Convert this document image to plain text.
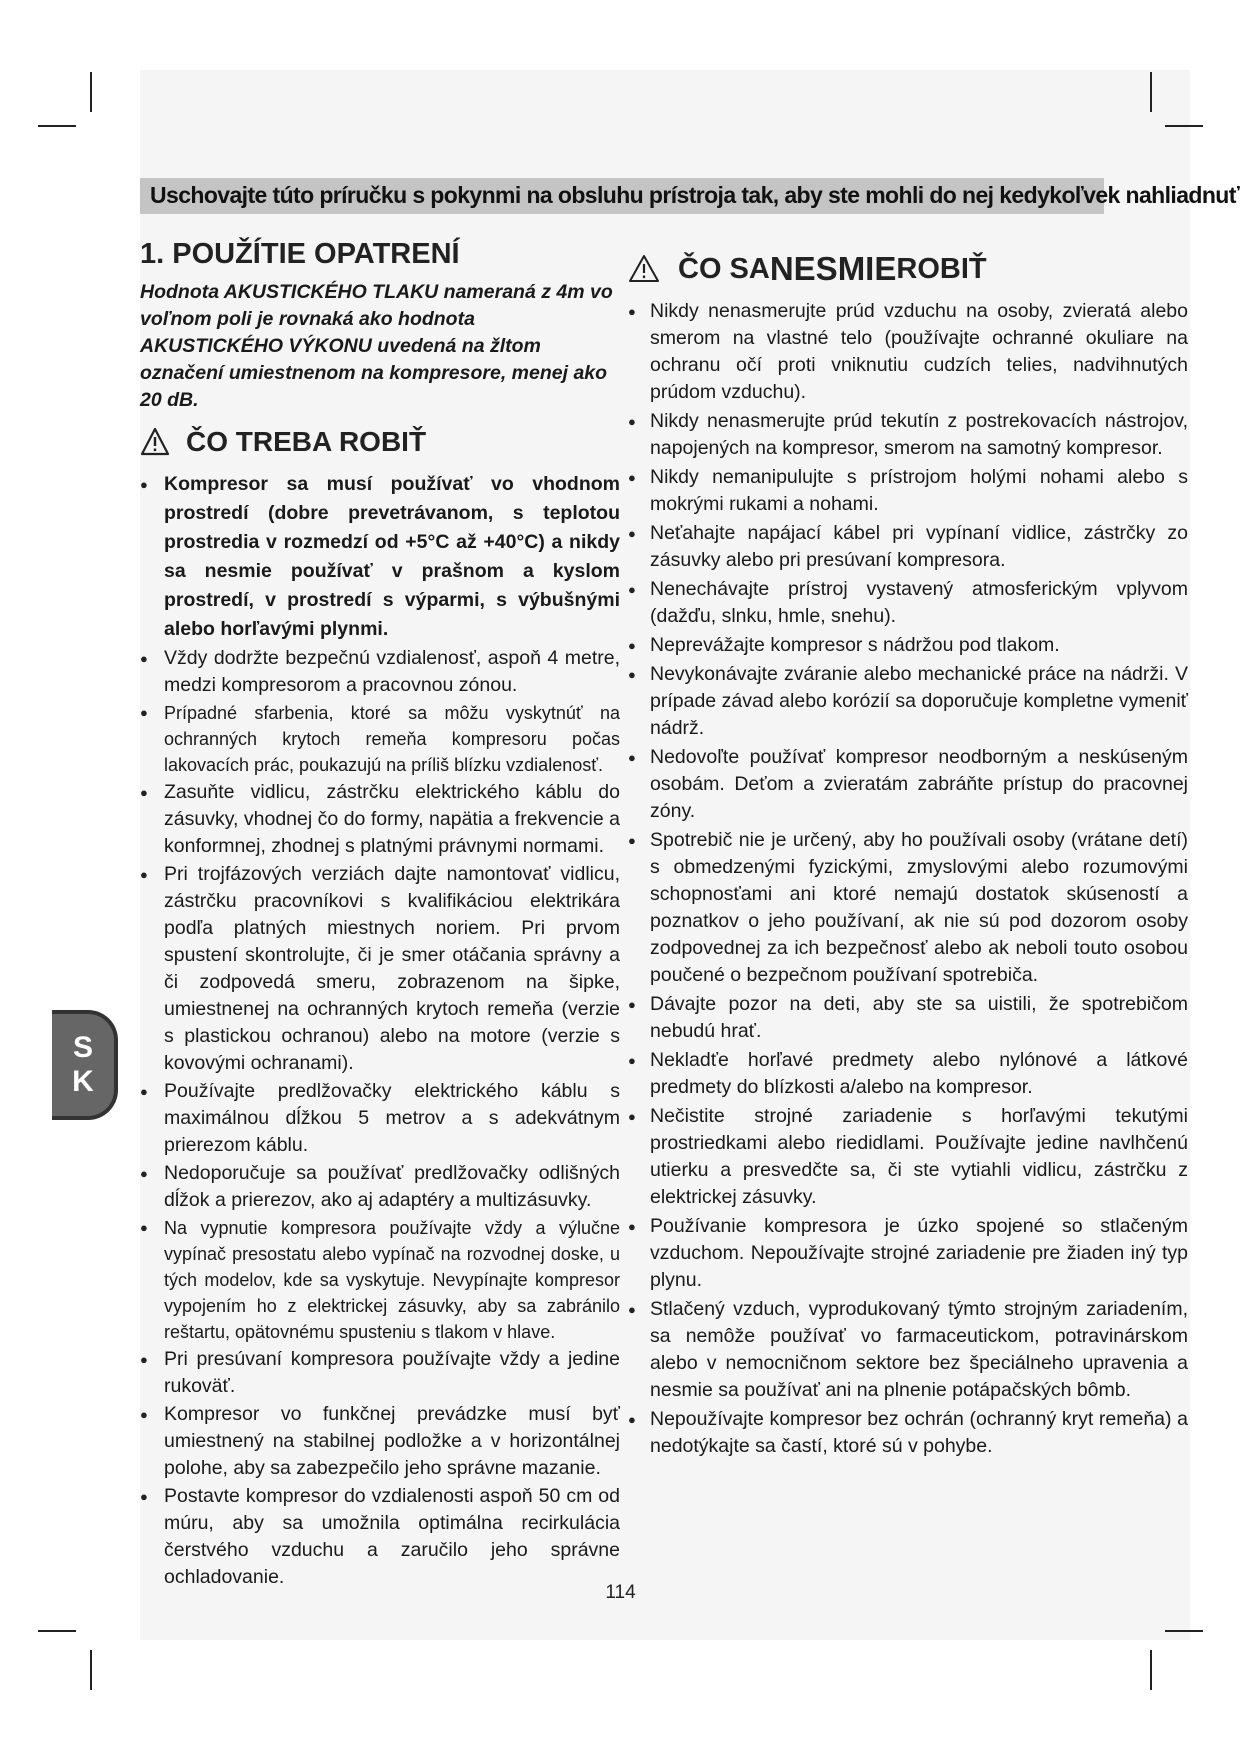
Uschovajte túto príručku s pokynmi na obsluhu prístroja tak, aby ste mohli do nej kedykoľvek nahliadnuť
1. POUŽÍTIE OPATRENÍ

Hodnota AKUSTICKÉHO TLAKU nameraná z 4m vo voľnom poli je rovnaká ako hodnota AKUSTICKÉHO VÝKONU uvedená na žltom označení umiestnenom na kompresore, menej ako 20 dB.

ČO TREBA ROBIŤ
● Kompresor sa musí používať vo vhodnom prostredí (dobre prevetrávanom, s teplotou prostredia v rozmedzí od +5°C až +40°C) a nikdy sa nesmie používať v prašnom a kyslom prostredí, v prostredí s výparmi, s výbušnými alebo horľavými plynmi.
● Vždy dodržte bezpečnú vzdialenosť, aspoň 4 metre, medzi kompresorom a pracovnou zónou.
● Prípadné sfarbenia, ktoré sa môžu vyskytnúť na ochranných krytoch remeňa kompresoru počas lakovacích prác, poukazujú na príliš blízku vzdialenosť.
● Zasuňte vidlicu, zástrčku elektrického káblu do zásuvky, vhodnej čo do formy, napätia a frekvencie a konformnej, zhodnej s platnými právnymi normami.
● Pri trojfázových verziách dajte namontovať vidlicu, zástrčku pracovníkovi s kvalifikáciou elektrikára podľa platných miestnych noriem. Pri prvom spustení skontrolujte, či je smer otáčania správny a či zodpovedá smeru, zobrazenom na šipke, umiestnenej na ochranných krytoch remeňa (verzie s plastickou ochranou) alebo na motore (verzie s kovovými ochranami).
● Používajte predlžovačky elektrického káblu s maximálnou dĺžkou 5 metrov a s adekvátnym prierezom káblu.
● Nedoporučuje sa používať predlžovačky odlišných dĺžok a prierezov, ako aj adaptéry a multizásuvky.
● Na vypnutie kompresora používajte vždy a výlučne vypínač presostatu alebo vypínač na rozvodnej doske, u tých modelov, kde sa vyskytuje. Nevypínajte kompresor vypojením ho z elektrickej zásuvky, aby sa zabránilo reštartu, opätovnému spusteniu s tlakom v hlave.
● Pri presúvaní kompresora používajte vždy a jedine rukoväť.
● Kompresor vo funkčnej prevádzke musí byť umiestnený na stabilnej podložke a v horizontálnej polohe, aby sa zabezpečilo jeho správne mazanie.
● Postavte kompresor do vzdialenosti aspoň 50 cm od múru, aby sa umožnila optimálna recirkulácia čerstvého vzduchu a zaručilo jeho správne ochladovanie.
ČO SA NESMIE ROBIŤ
● Nikdy nenasmerujte prúd vzduchu na osoby, zvieratá alebo smerom na vlastné telo (používajte ochranné okuliare na ochranu očí proti vniknutiu cudzích telies, nadvihnutých prúdom vzduchu).
● Nikdy nenasmerujte prúd tekutín z postrekovacích nástrojov, napojených na kompresor, smerom na samotný kompresor.
● Nikdy nemanipulujte s prístrojom holými nohami alebo s mokrými rukami a nohami.
● Neťahajte napájací kábel pri vypínaní vidlice, zástrčky zo zásuvky alebo pri presúvaní kompresora.
● Nenechávajte prístroj vystavený atmosferickým vplyvom (dažďu, slnku, hmle, snehu).
● Neprevážajte kompresor s nádržou pod tlakom.
● Nevykonávajte zváranie alebo mechanické práce na nádrži. V prípade závad alebo korózií sa doporučuje kompletne vymeniť nádrž.
● Nedovoľte používať kompresor neodborným a neskúseným osobám. Deťom a zvieratám zabráňte prístup do pracovnej zóny.
● Spotrebič nie je určený, aby ho používali osoby (vrátane detí) s obmedzenými fyzickými, zmyslovými alebo rozumovými schopnosťami ani ktoré nemajú dostatok skúseností a poznatkov o jeho používaní, ak nie sú pod dozorom osoby zodpovednej za ich bezpečnosť alebo ak neboli touto osobou poučené o bezpečnom používaní spotrebiča.
● Dávajte pozor na deti, aby ste sa uistili, že spotrebičom nebudú hrať.
● Nekladťe horľavé predmety alebo nylónové a látkové predmety do blízkosti a/alebo na kompresor.
● Nečistite strojné zariadenie s horľavými tekutými prostriedkami alebo riedidlami. Používajte jedine navlhčenú utierku a presvedčte sa, či ste vytiahli vidlicu, zástrčku z elektrickej zásuvky.
● Používanie kompresora je úzko spojené so stlačeným vzduchom. Nepoužívajte strojné zariadenie pre žiaden iný typ plynu.
● Stlačený vzduch, vyprodukovaný týmto strojným zariadením, sa nemôže používať vo farmaceutickom, potravinárskom alebo v nemocničnom sektore bez špeciálneho upravenia a nesmie sa používať ani na plnenie potápačských bômb.
● Nepoužívajte kompresor bez ochrán (ochranný kryt remeňa) a nedotýkajte sa častí, ktoré sú v pohybe.
S
K
114
